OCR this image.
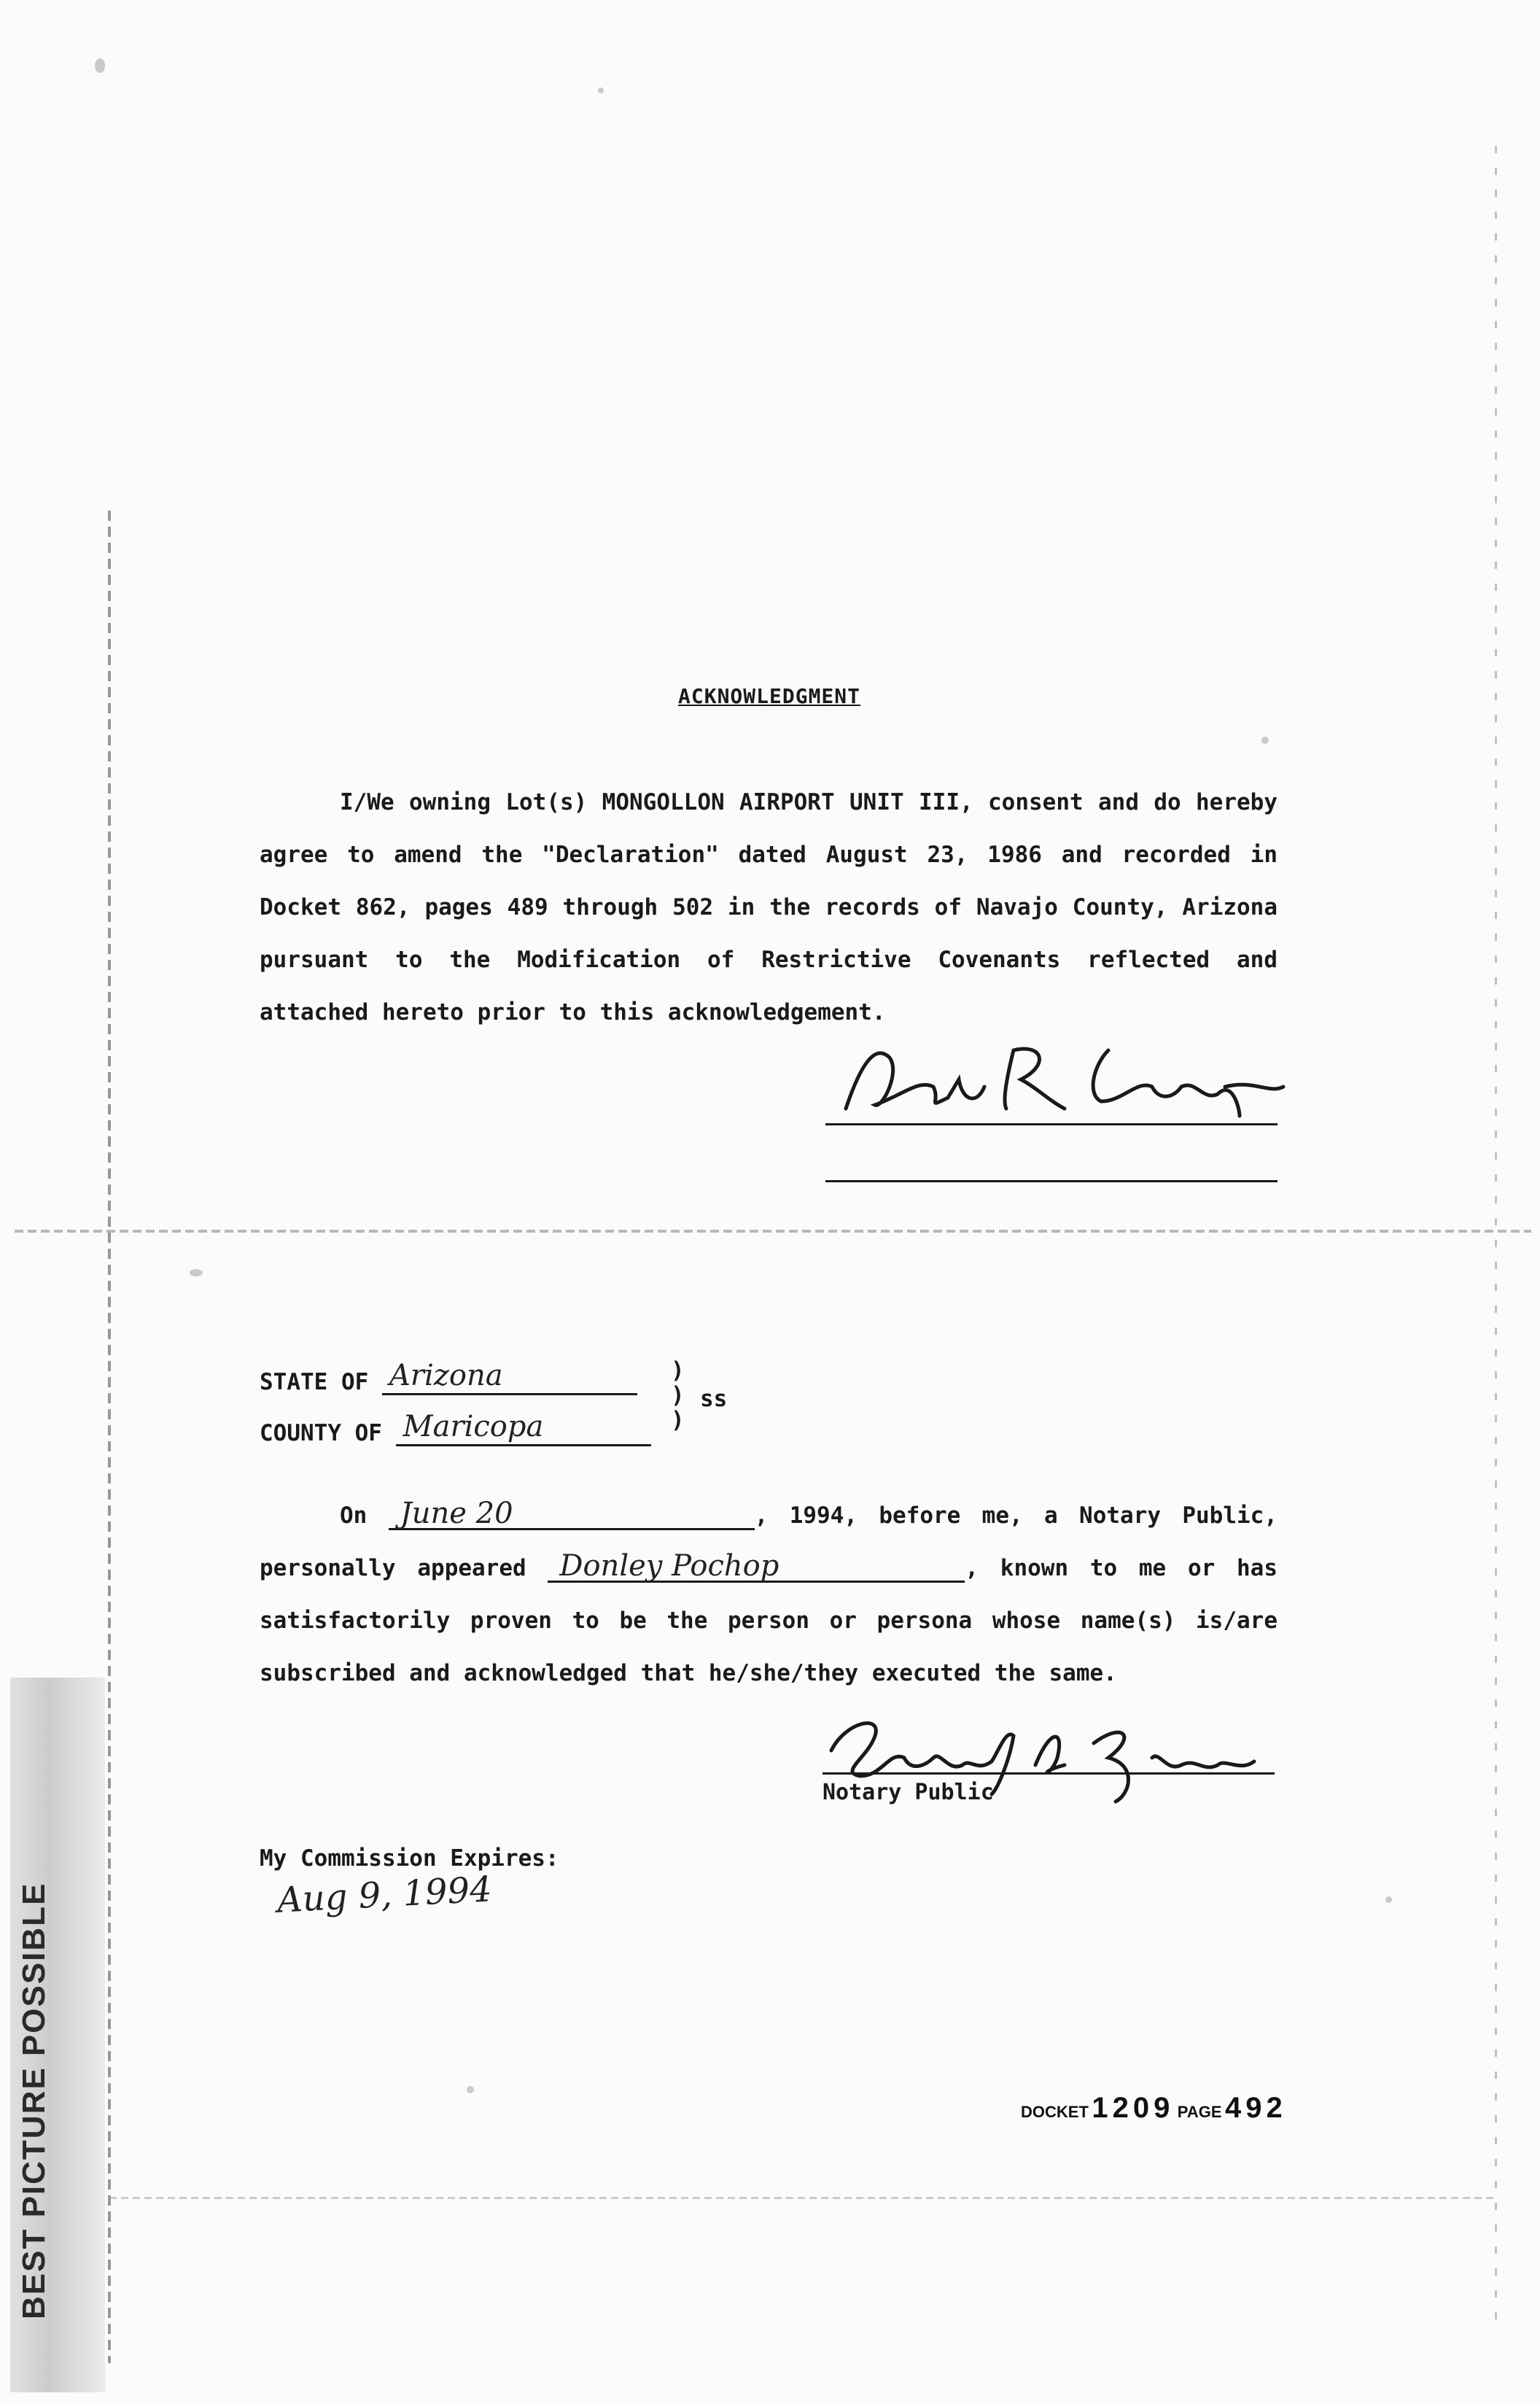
BEST PICTURE POSSIBLE
ACKNOWLEDGMENT

I/We owning Lot(s) MONGOLLON AIRPORT UNIT III, consent and do hereby agree to amend the "Declaration" dated August 23, 1986 and recorded in Docket 862, pages 489 through 502 in the records of Navajo County, Arizona pursuant to the Modification of Restrictive Covenants reflected and attached hereto prior to this acknowledgement.

STATE OF Arizona
COUNTY OF Maricopa
)
)
)
ss

On June 20	, 1994, before me, a Notary Public, personally appeared Donley Pochop	, known to me or has satisfactorily proven to be the person or persona whose name(s) is/are subscribed and acknowledged that he/she/they executed the same.

Notary Public
My Commission Expires:
Aug 9, 1994
DOCKET 1209 PAGE 492
